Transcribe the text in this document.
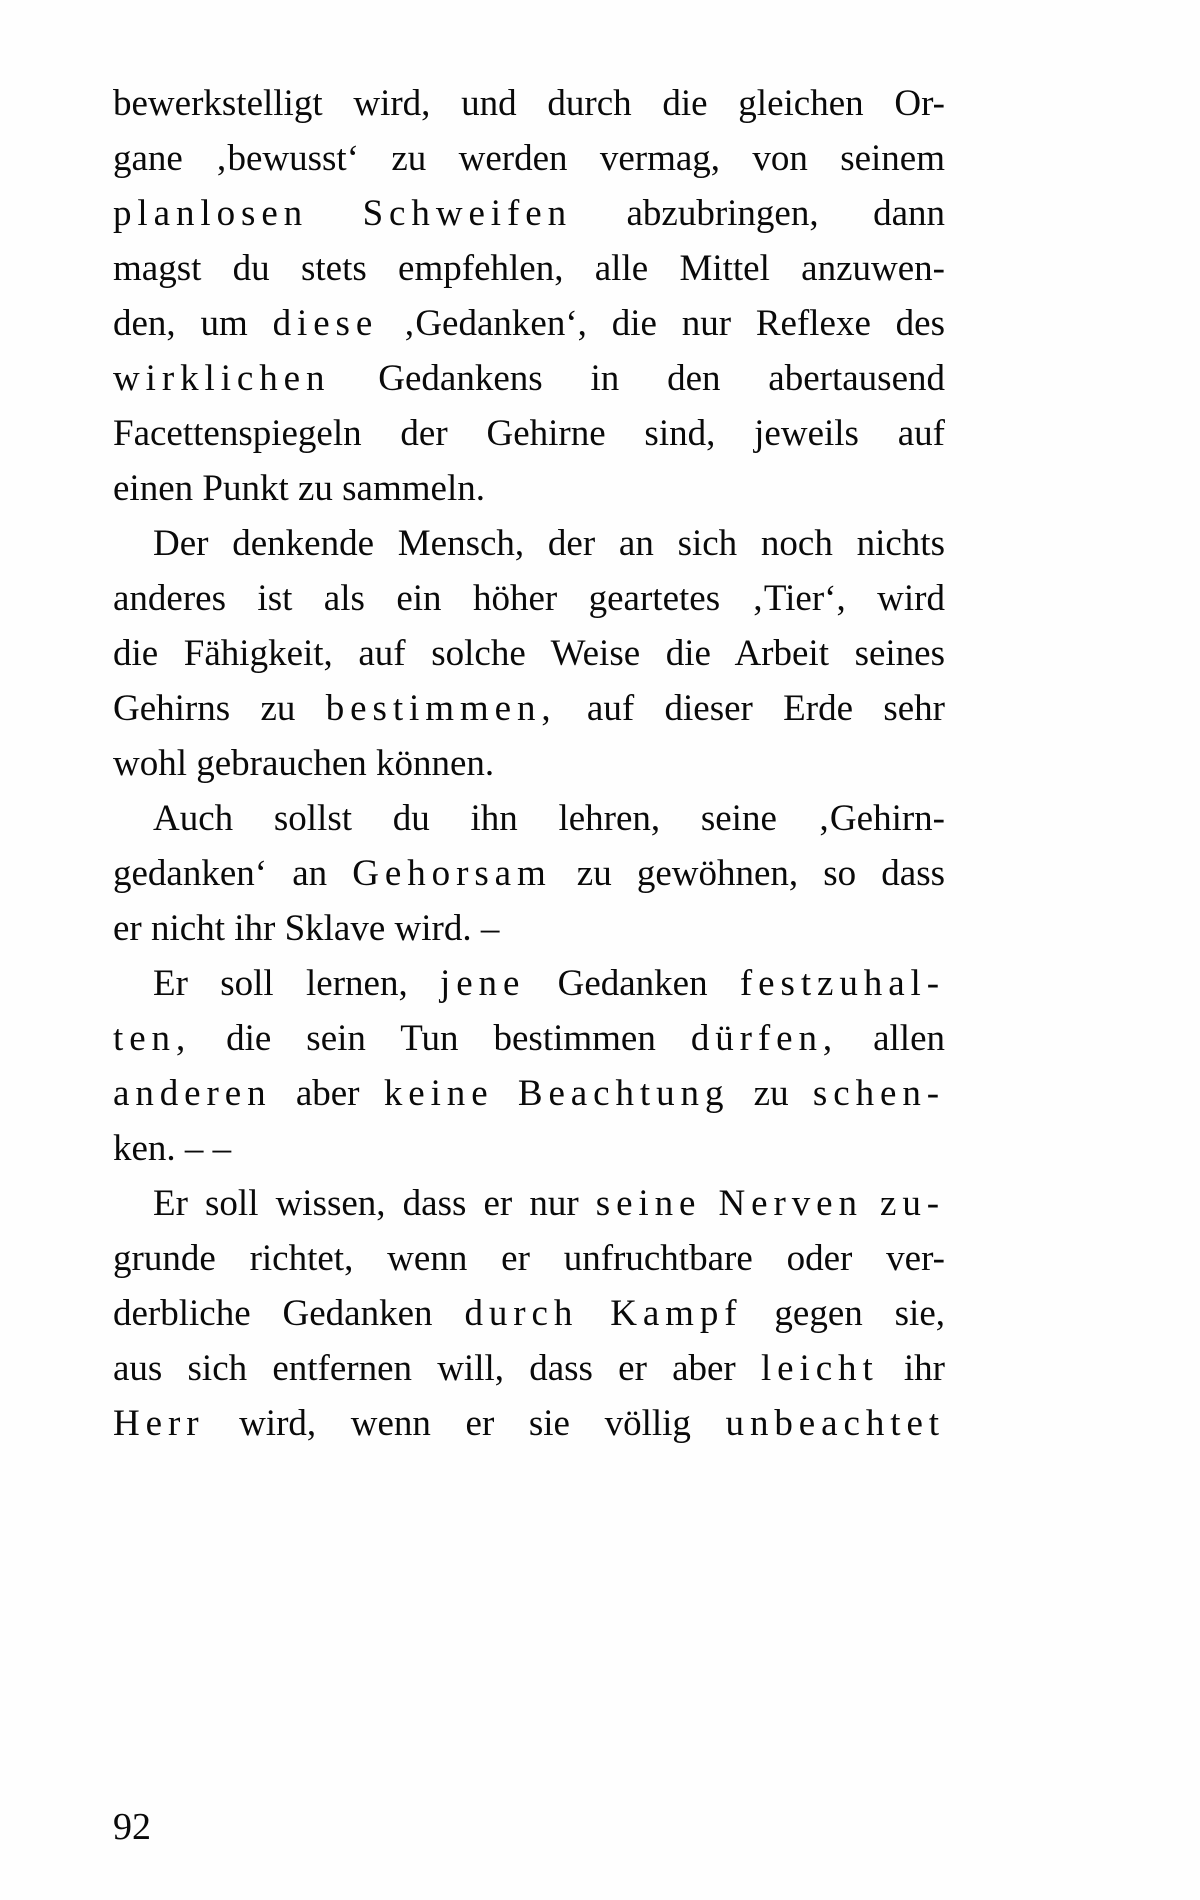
bewerkstelligt wird, und durch die gleichen Or-
gane ‚bewusst‘ zu werden vermag, von seinem
planlosen Schweifen abzubringen, dann
magst du stets empfehlen, alle Mittel anzuwen-
den, um diese ‚Gedanken‘, die nur Reflexe des
wirklichen Gedankens in den abertausend
Facettenspiegeln der Gehirne sind, jeweils auf
einen Punkt zu sammeln.
Der denkende Mensch, der an sich noch nichts
anderes ist als ein höher geartetes ‚Tier‘, wird
die Fähigkeit, auf solche Weise die Arbeit seines
Gehirns zu bestimmen, auf dieser Erde sehr
wohl gebrauchen können.
Auch sollst du ihn lehren, seine ‚Gehirn-
gedanken‘ an Gehorsam zu gewöhnen, so dass
er nicht ihr Sklave wird. –
Er soll lernen, jene Gedanken festzuhal-
ten, die sein Tun bestimmen dürfen, allen
anderen aber keine Beachtung zu schen-
ken. – –
Er soll wissen, dass er nur seine Nerven zu-
grunde richtet, wenn er unfruchtbare oder ver-
derbliche Gedanken durch Kampf gegen sie,
aus sich entfernen will, dass er aber leicht ihr
Herr wird, wenn er sie völlig unbeachtet
92
